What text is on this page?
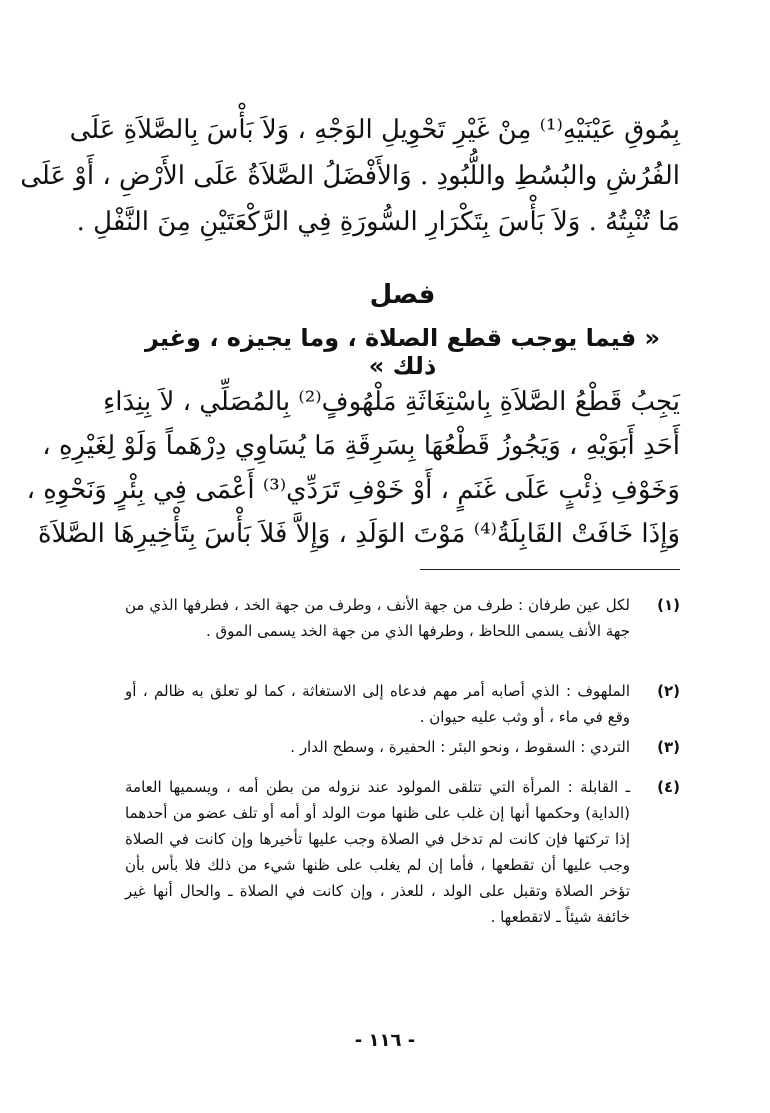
بِمُوقِ عَيْنَيْهِ⁽¹⁾ مِنْ غَيْرِ تَحْوِيلِ الوَجْهِ ، وَلاَ بَأْسَ بِالصَّلاَةِ عَلَى
الفُرُشِ والبُسُطِ واللُّبُودِ . وَالأَفْضَلُ الصَّلاَةُ عَلَى الأَرْضِ ، أَوْ عَلَى
مَا تُنْبِتُهُ . وَلاَ بَأْسَ بِتَكْرَارِ السُّورَةِ فِي الرَّكْعَتَيْنِ مِنَ النَّفْلِ .
فصل
« فيما يوجب قطع الصلاة ، وما يجيزه ، وغير ذلك »
يَجِبُ قَطْعُ الصَّلاَةِ بِاسْتِغَاثَةِ مَلْهُوفٍ⁽²⁾ بِالمُصَلِّي ، لاَ بِنِدَاءِ
أَحَدِ أَبَوَيْهِ ، وَيَجُوزُ قَطْعُهَا بِسَرِقَةِ مَا يُسَاوِي دِرْهَماً وَلَوْ لِغَيْرِهِ ،
وَخَوْفِ ذِئْبٍ عَلَى غَنَمٍ ، أَوْ خَوْفِ تَرَدِّي⁽³⁾ أَعْمَى فِي بِئْرٍ وَنَحْوِهِ ،
وَإِذَا خَافَتْ القَابِلَةُ⁽⁴⁾ مَوْتَ الوَلَدِ ، وَإِلاَّ فَلاَ بَأْسَ بِتَأْخِيرِهَا الصَّلاَةَ
(١)
لكل عين طرفان : طرف من جهة الأنف ، وطرف من جهة الخد ، فطرفها الذي من جهة الأنف يسمى اللحاظ ، وطرفها الذي من جهة الخد يسمى الموق .
(٢)
الملهوف : الذي أصابه أمر مهم فدعاه إلى الاستغاثة ، كما لو تعلق به ظالم ، أو وقع في ماء ، أو وثب عليه حيوان .
(٣)
التردي : السقوط ، ونحو البئر : الحفيرة ، وسطح الدار .
(٤)
ـ القابلة : المرأة التي تتلقى المولود عند نزوله من بطن أمه ، ويسميها العامة (الداية) وحكمها أنها إن غلب على ظنها موت الولد أو أمه أو تلف عضو من أحدهما إذا تركتها فإن كانت لم تدخل في الصلاة وجب عليها تأخيرها وإن كانت في الصلاة وجب عليها أن تقطعها ، فأما إن لم يغلب على ظنها شيء من ذلك فلا بأس بأن تؤخر الصلاة وتقبل على الولد ، للعذر ، وإن كانت في الصلاة ـ والحال أنها غير خائفة شيئاً ـ لاتقطعها .
- ١١٦ -
